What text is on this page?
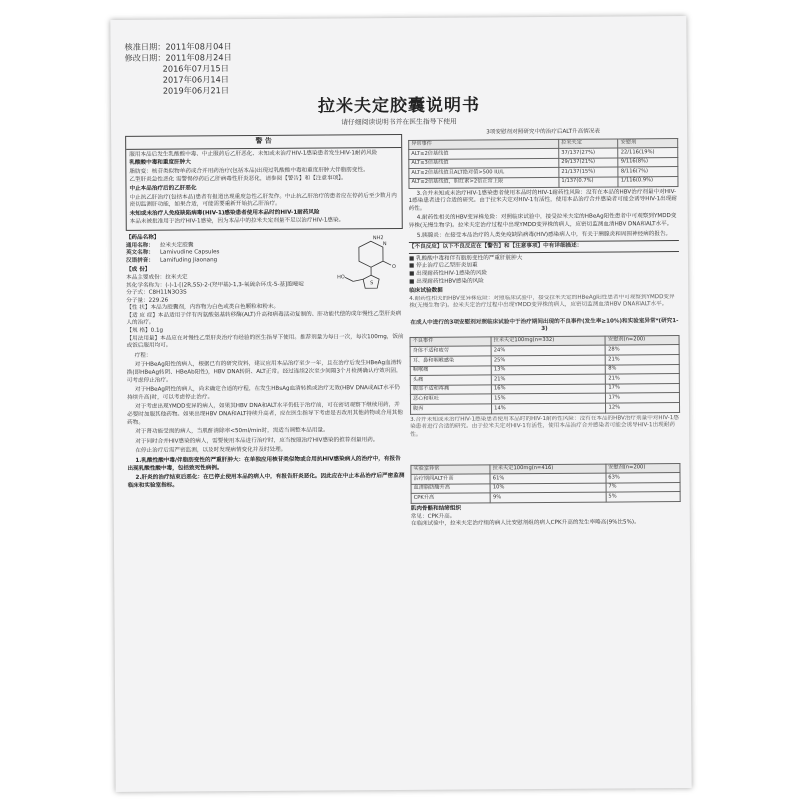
核准日期：2011年08月04日
修改日期：2011年08月24日
2016年07月15日
2017年06月14日
2019年06月21日
拉米夫定胶囊说明书
请仔细阅读说明书并在医生指导下使用
警 告

服用本品后发生乳酸酸中毒、中止服药后乙肝恶化、未知或未治疗HIV-1感染患者发生HIV-1耐药风险

乳酸酸中毒和重度肝肿大

脂肪变：核苷类似物单药或合并用药治疗(包括本品)出现过乳酸酸中毒和重度肝肿大伴脂肪变性。

乙型肝炎急性恶化 需警惕停药后乙肝病毒性肝炎恶化，请参阅【警告】和【注意事项】。

中止本品治疗后的乙肝恶化

中止抗乙肝治疗(包括本品)患者有报道出现重度急性乙肝发作。中止抗乙肝治疗的患者应在停药后至少数月内密切监测肝功能，如果合适，可能需要重新开始抗乙肝治疗。

未知或未治疗人免疫缺陷病毒(HIV-1)感染患者使用本品时的HIV-1耐药风险

本品未被批准用于治疗HIV-1感染，因为本品中的拉米夫定剂量不足以治疗HIV-1感染。

【药品名称】
通用名称：	拉米夫定胶囊
英文名称：	Lamivudine Capsules
汉语拼音：	Lamifuding Jiaonang
【成 份】
本品主要成份：拉米夫定
其化学名称为：(-)-1-[(2R,5S)-2-(羟甲基)-1,3-氧硫杂环戊-5-基]胞嘧啶
分子式：C8H11N3O3S
分子量：229.26
NH2
N
O
S
HO
【性 状】本品为胶囊剂，内容物为白色或类白色颗粒和粉末。
【适 应 症】本品适用于伴有丙氨酸氨基转移酶(ALT)升高和病毒活动复制的、肝功能代偿的成年慢性乙型肝炎病人的治疗。
【规 格】0.1g
【用法用量】本品应在对慢性乙型肝炎治疗有经验的医生指导下使用。推荐剂量为每日一次，每次100mg，饭前或饭后服用均可。

疗程：

对于HBeAg阳性的病人，根据已有的研究资料，建议应用本品治疗至少一年，且在治疗后发生HBeAg血清转换(即HBeAg转阴、HBeAb阳性)，HBV DNA转阴、ALT正常。经过连续2次至少间隔3个月检测确认疗效巩固，可考虑停止治疗。

对于HBeAg阴性的病人，尚未确定合适的疗程，在发生HBsAg血清转换或治疗无效(HBV DNA或ALT水平仍持续升高)时，可以考虑停止治疗。

对于考虑出现YMDD变异的病人，如果其HBV DNA和ALT水平仍低于治疗前，可在密切观察下继续用药，并必要时加服其他药物。如果出现HBV DNA和ALT持续升高者，应在医生指导下考虑是否改用其他药物或合用其他药物。

对于肾功能受损的病人，当肌酐清除率<50ml/min时，需适当调整本品用量。

对于同时合并HIV感染的病人，需要使用本品进行治疗时，应当按照治疗HIV感染的推荐剂量用药。

在停止治疗后需严密监测，以及时发现病情变化并及时处理。

1.乳酸性酸中毒/伴脂肪变性的严重肝肿大：在单独应用核苷类似物或合用抗HIV感染病人的治疗中，有报告出现乳酸性酸中毒，包括致死性病例。

2.肝炎的治疗结束后恶化：在已停止使用本品的病人中，有报告肝炎恶化。因此应在中止本品治疗后严密监测临床和实验室指标。

3项安慰剂对照研究中的治疗后ALT升高情况表
异常事件	拉米夫定	安慰剂
ALT≥2倍基线值	37/137(27%)	22/116(19%)
ALT≥3倍基线值	29/137(21%)	9/116(8%)
ALT≥2倍基线值且ALT绝对值>500 IU/L	21/137(15%)	8/116(7%)
ALT≥2倍基线值，胆红素>2倍正常上限	1/137(0.7%)	1/116(0.9%)

3.合并未知或未治疗HIV-1感染患者使用本品时的HIV-1耐药性风险：没有在本品的HBV治疗剂量中对HIV-1感染患者进行合适的研究。由于拉米夫定对HIV-1有活性，使用本品治疗合并感染者可能会诱导HIV-1出现耐药性。

4.耐药性相关的HBV变异株危险：对照临床试验中，接受拉米夫定的HBeAg阳性患者中可观察到YMDD变异株(无慢生物学)。拉米夫定治疗过程中出现YMDD变异株的病人，应密切监测血清HBV DNA和ALT水平。

5.胰腺炎：在接受本品治疗的人类免疫缺陷病毒(HIV)感染病人中，有关于胰腺炎和周围神经病的报告。

【不良反应】以下不良反应在【警告】和【注意事项】中有详细描述：
■ 乳酸酸中毒和伴有脂肪变性的严重肝脏肿大
■ 停止治疗后乙型肝炎加重
■ 出现耐药性HIV-1感染的风险
■ 出现耐药性HBV感染的风险
临床试验数据
4.耐药性相关的HBV变异株危险：对照临床试验中，接受拉米夫定的HBeAg阳性患者中可观察到YMDD变异株(无慢生物学)。拉米夫定治疗过程中出现YMDD变异株的病人，应密切监测血清HBV DNA和ALT水平。
在成人中进行的3项安慰剂对照临床试验中于治疗期间出现的不良事件(发生率≥10%)和实验室异常*(研究1-3)
不良事件	拉米夫定100mg(n=332)	安慰剂(n=200)
身体不适和疲劳	24%	28%
耳、鼻和咽喉感染	25%	21%
咽喉痛	13%	8%
头痛	21%	21%
腹部不适和疼痛	16%	17%
恶心和呕吐	15%	17%
腹泻	14%	12%
3.合并未知或未治疗HIV-1感染患者使用本品时的HIV-1耐药性风险：没有在本品的HBV治疗剂量中对HIV-1感染患者进行合适的研究。由于拉米夫定对HIV-1有活性，使用本品治疗合并感染者可能会诱导HIV-1出现耐药性。
实验室异常	拉米夫定100mg(n=416)	安慰剂(n=200)
治疗期间ALT升高	61%	63%
血清脂肪酶升高	10%	7%
CPK升高	9%	5%
肌肉骨骼和结缔组织
常见：CPK升高。
在临床试验中，拉米夫定治疗组的病人比安慰剂组的病人CPK升高的发生率略高(9%比5%)。
